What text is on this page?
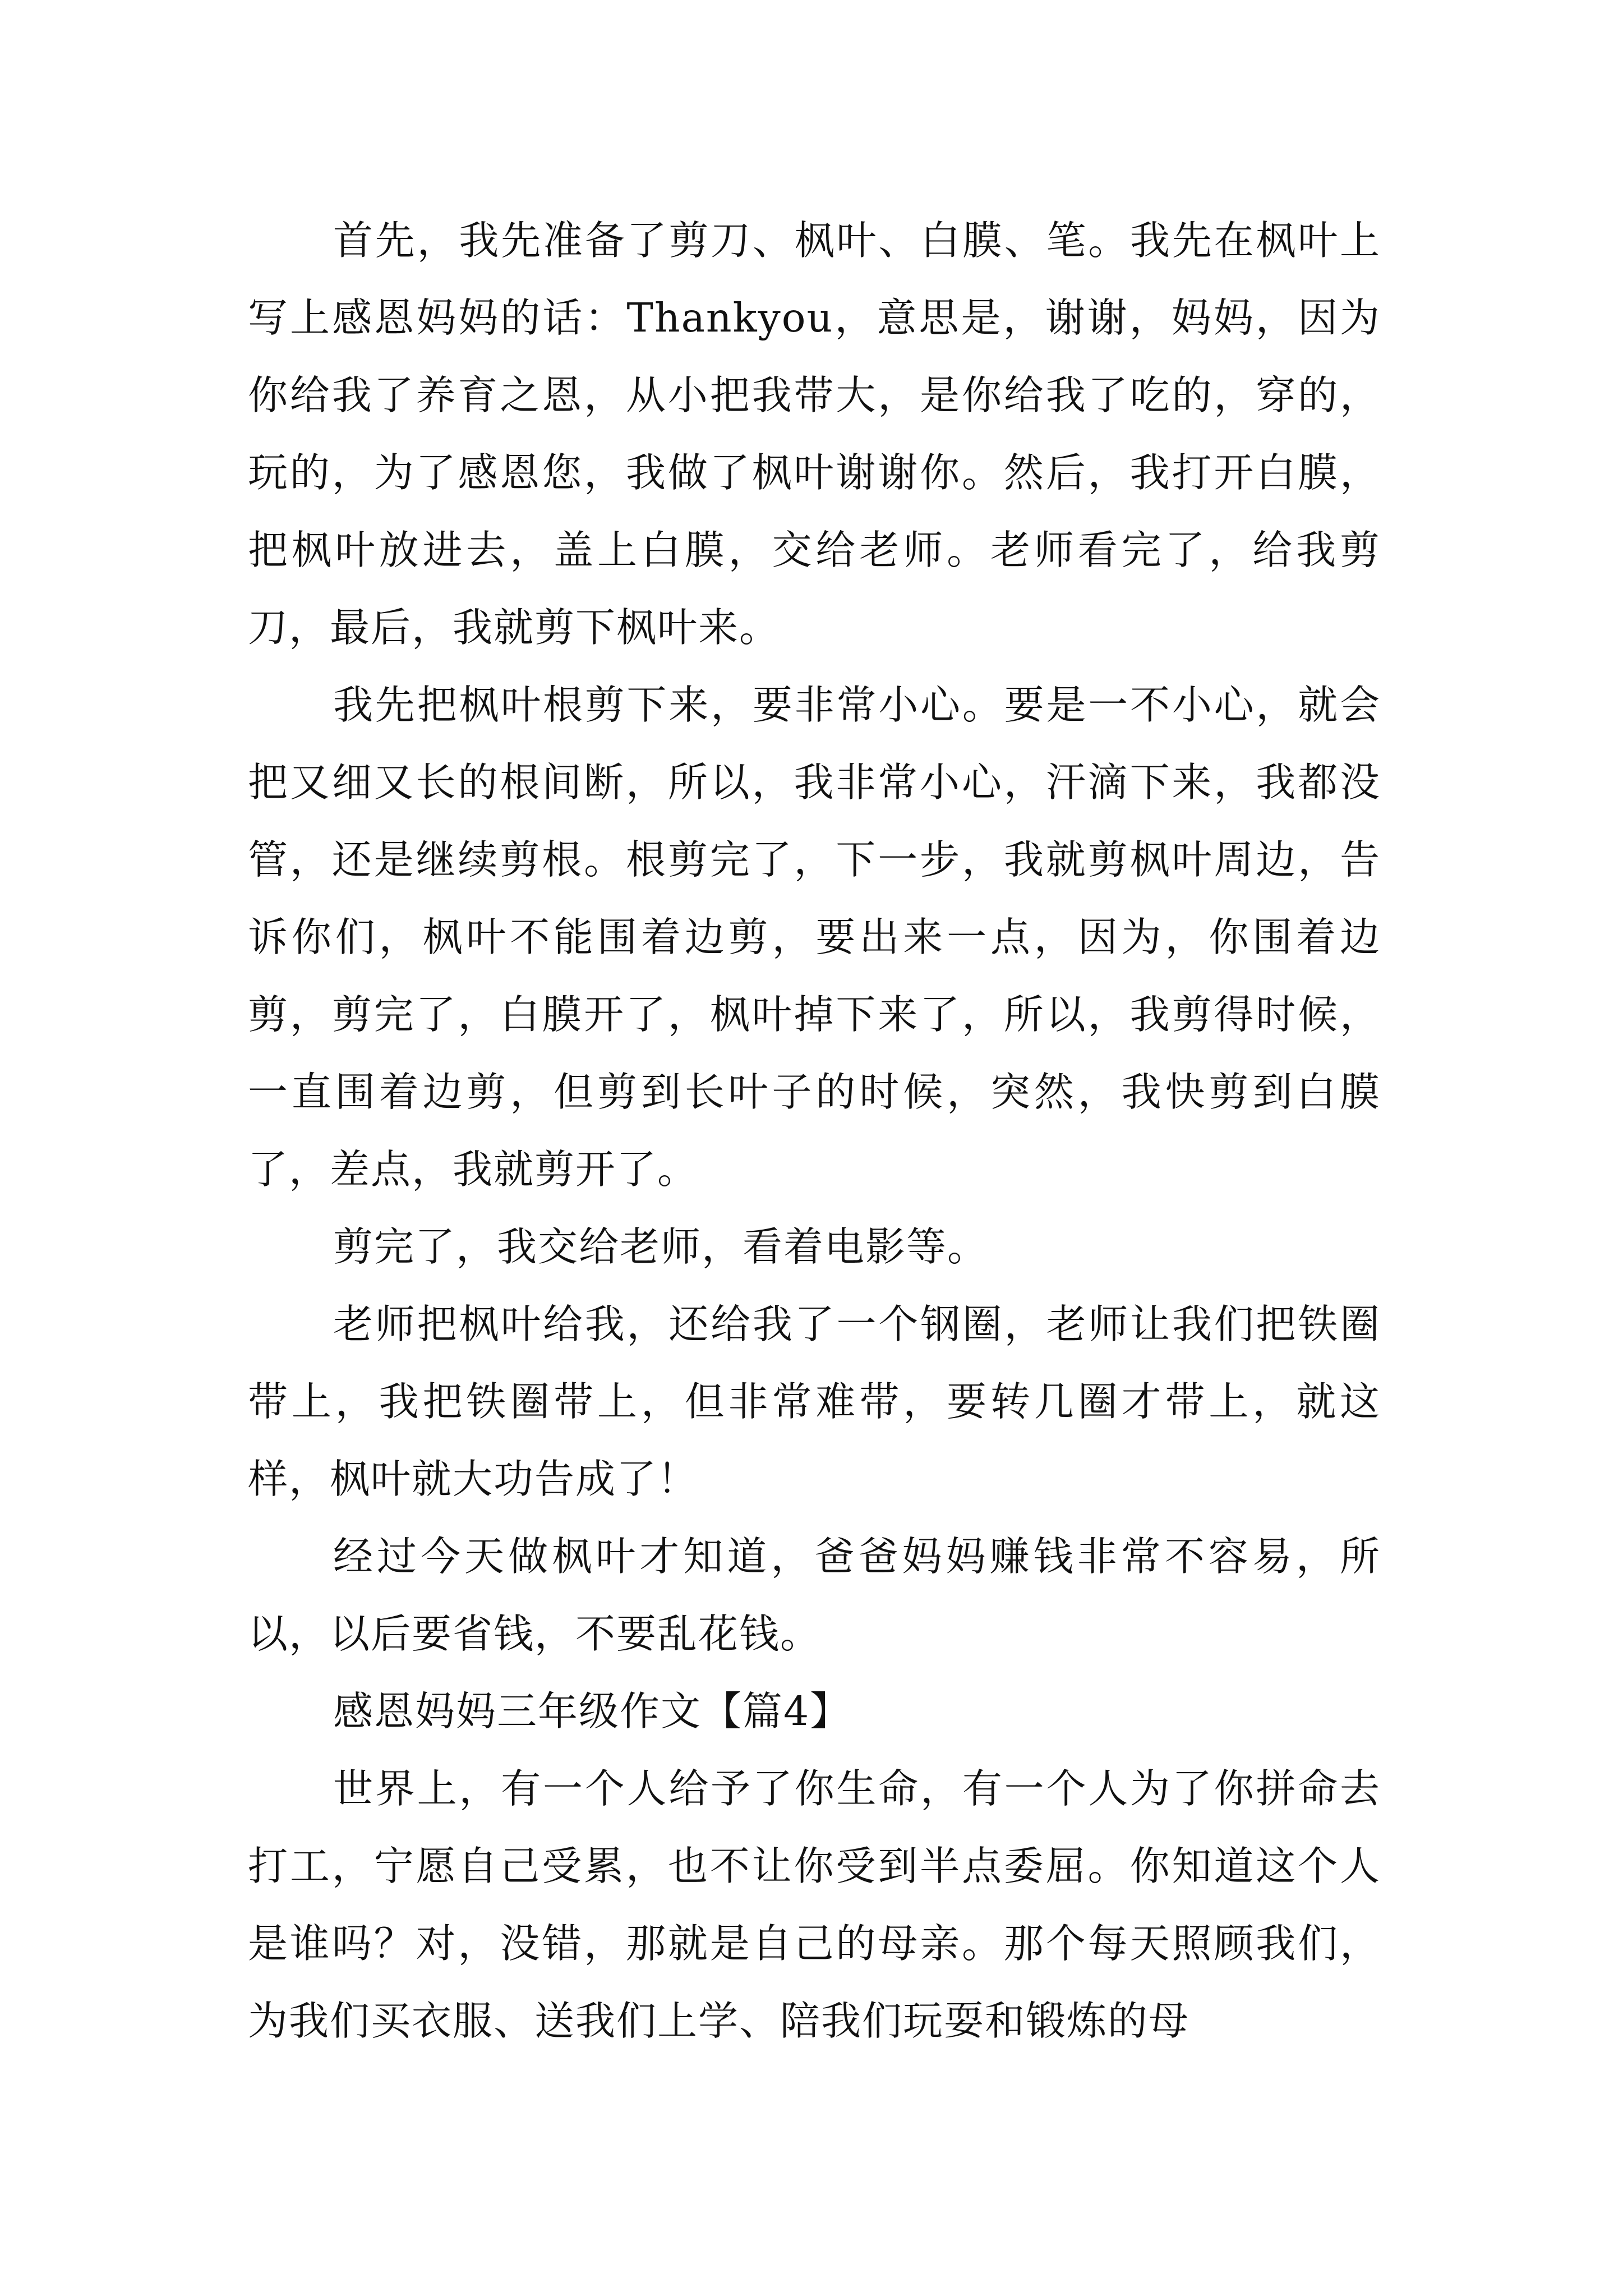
首先，我先准备了剪刀、枫叶、白膜、笔。我先在枫叶上写上感恩妈妈的话：Thankyou，意思是，谢谢，妈妈，因为你给我了养育之恩，从小把我带大，是你给我了吃的，穿的，玩的，为了感恩您，我做了枫叶谢谢你。然后，我打开白膜，把枫叶放进去，盖上白膜，交给老师。老师看完了，给我剪刀，最后，我就剪下枫叶来。

我先把枫叶根剪下来，要非常小心。要是一不小心，就会把又细又长的根间断，所以，我非常小心，汗滴下来，我都没管，还是继续剪根。根剪完了，下一步，我就剪枫叶周边，告诉你们，枫叶不能围着边剪，要出来一点，因为，你围着边剪，剪完了，白膜开了，枫叶掉下来了，所以，我剪得时候，一直围着边剪，但剪到长叶子的时候，突然，我快剪到白膜了，差点，我就剪开了。

剪完了，我交给老师，看着电影等。

老师把枫叶给我，还给我了一个钢圈，老师让我们把铁圈带上，我把铁圈带上，但非常难带，要转几圈才带上，就这样，枫叶就大功告成了！

经过今天做枫叶才知道，爸爸妈妈赚钱非常不容易，所以，以后要省钱，不要乱花钱。

感恩妈妈三年级作文【篇4】

世界上，有一个人给予了你生命，有一个人为了你拼命去打工，宁愿自己受累，也不让你受到半点委屈。你知道这个人是谁吗？对，没错，那就是自己的母亲。那个每天照顾我们，为我们买衣服、送我们上学、陪我们玩耍和锻炼的母
